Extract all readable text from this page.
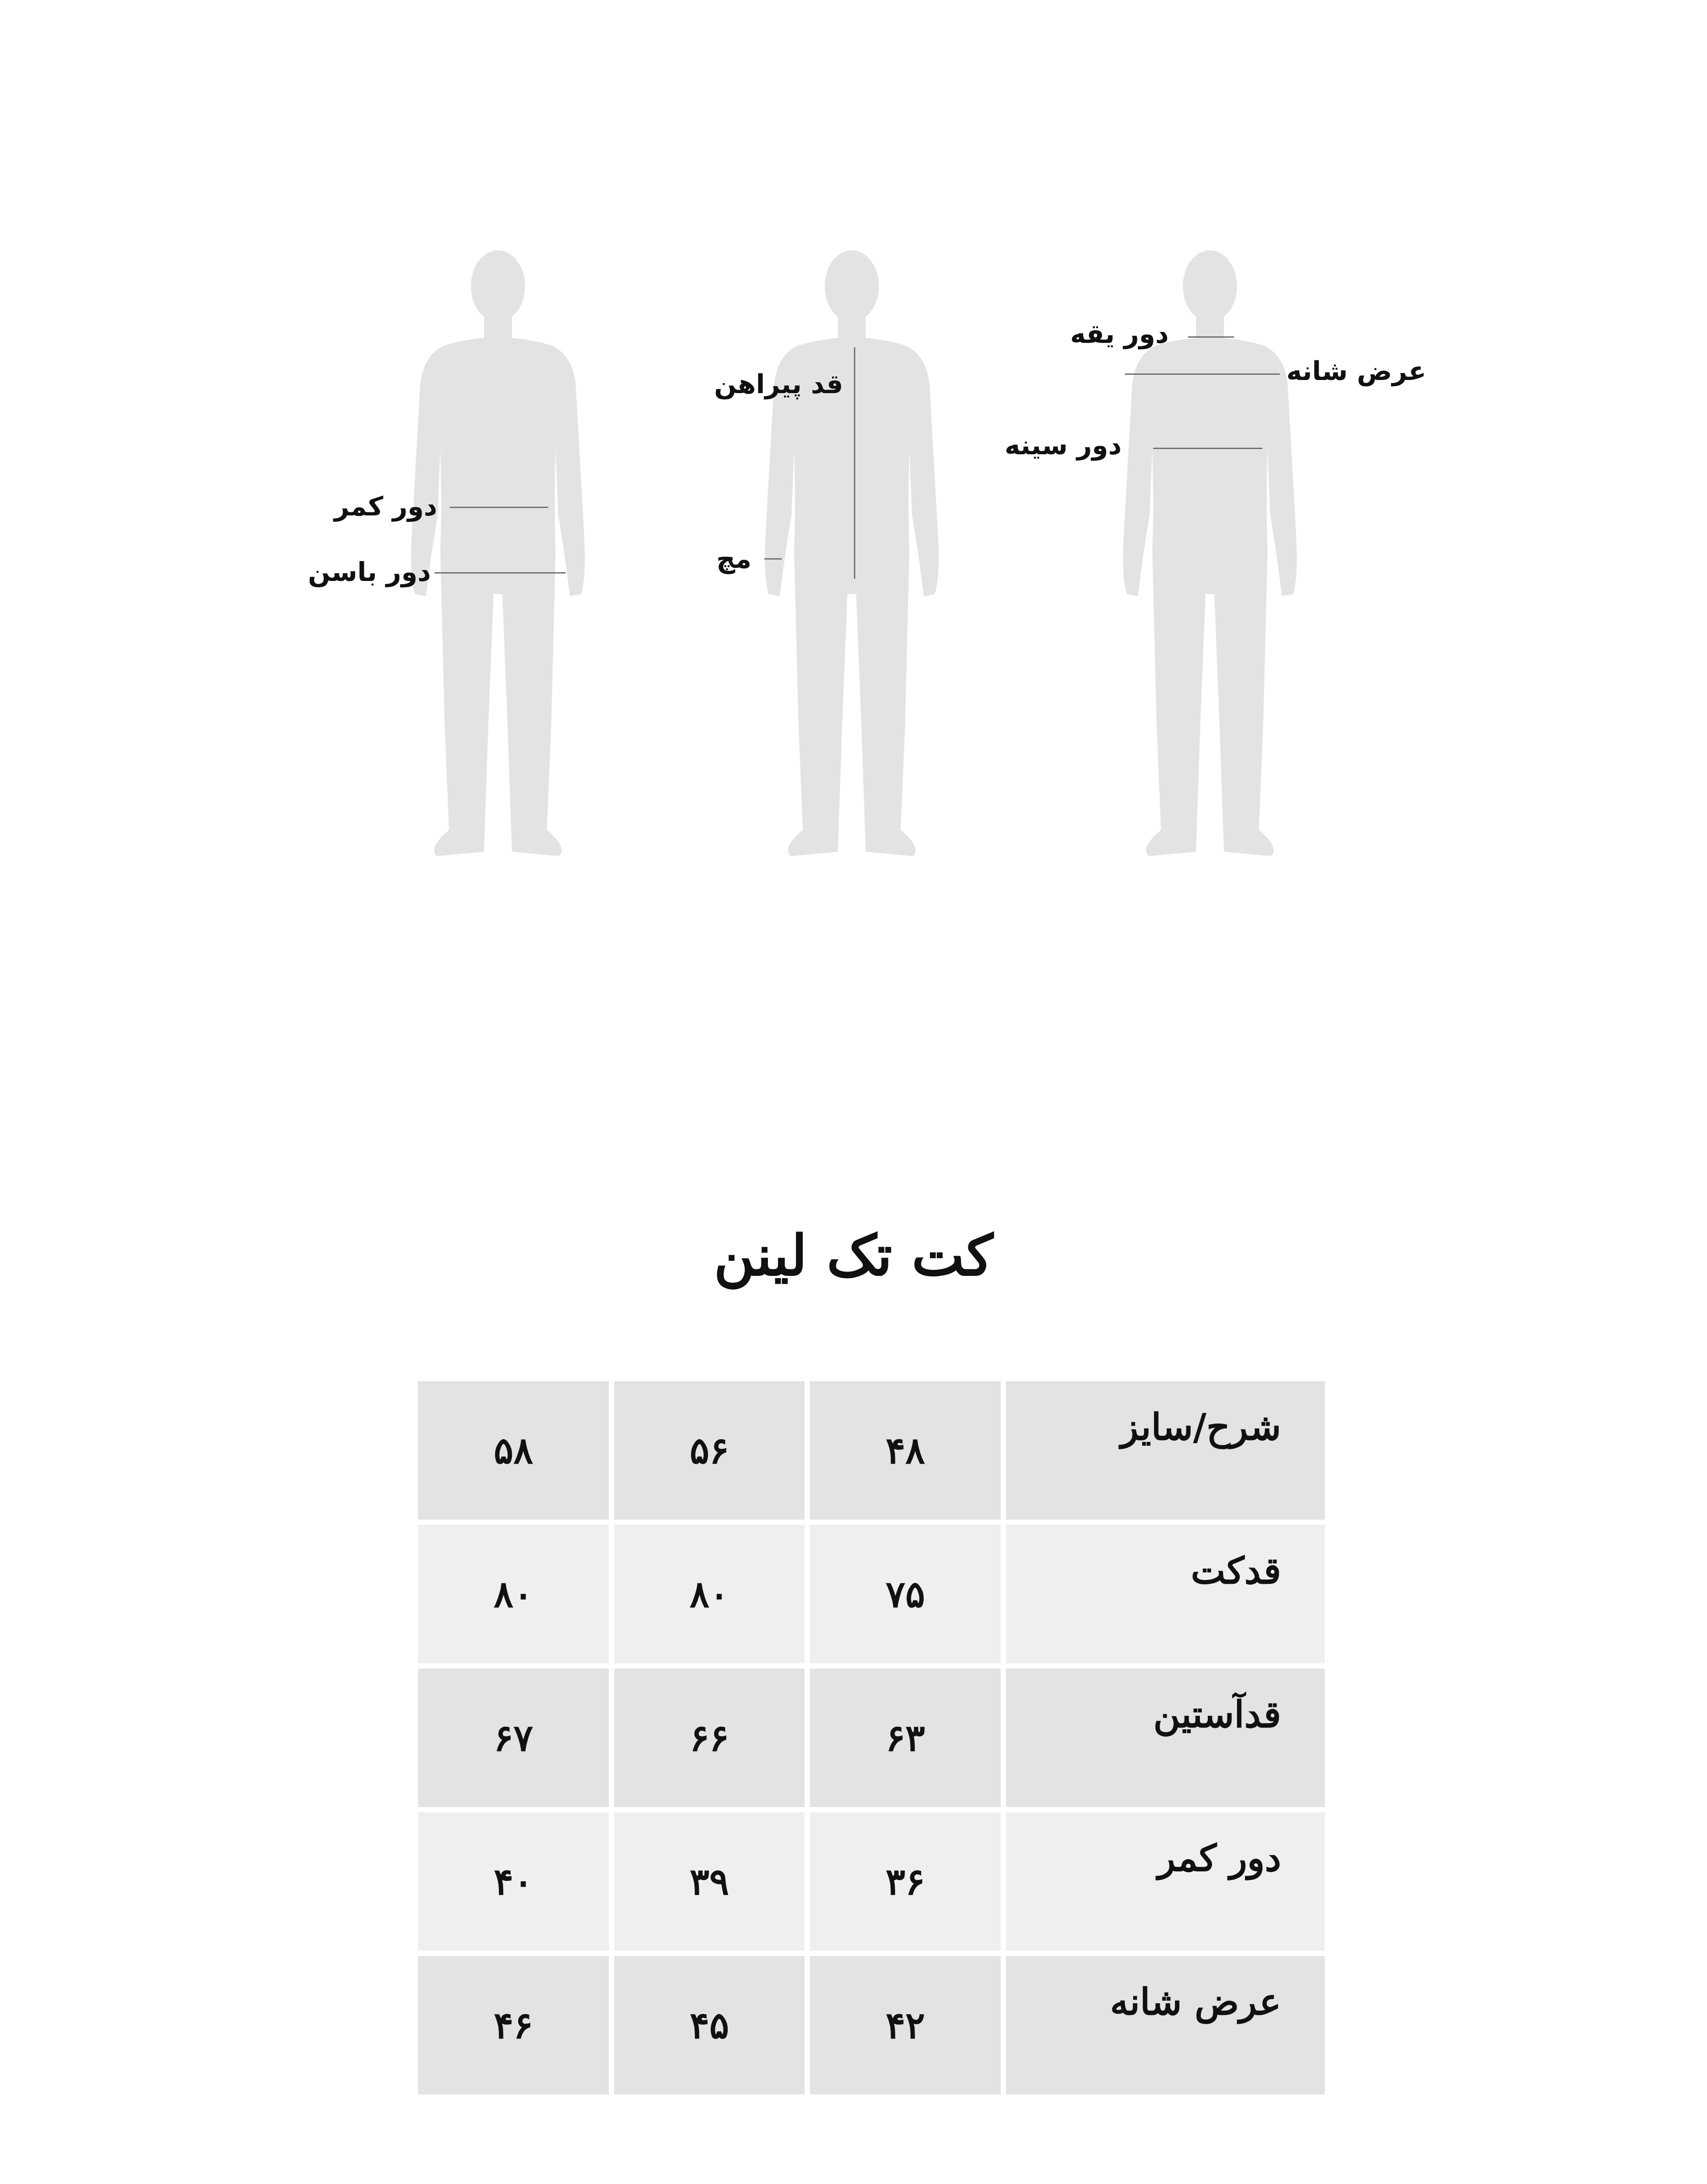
دور یقه
عرض شانه
دور سینه
قد پیراهن
مچ
دور کمر
دور باسن
کت تک لینن
شرح/سایز	۴۸	۵۶	۵۸
قدکت	۷۵	۸۰	۸۰
قدآستین	۶۳	۶۶	۶۷
دور کمر	۳۶	۳۹	۴۰
عرض شانه	۴۲	۴۵	۴۶
